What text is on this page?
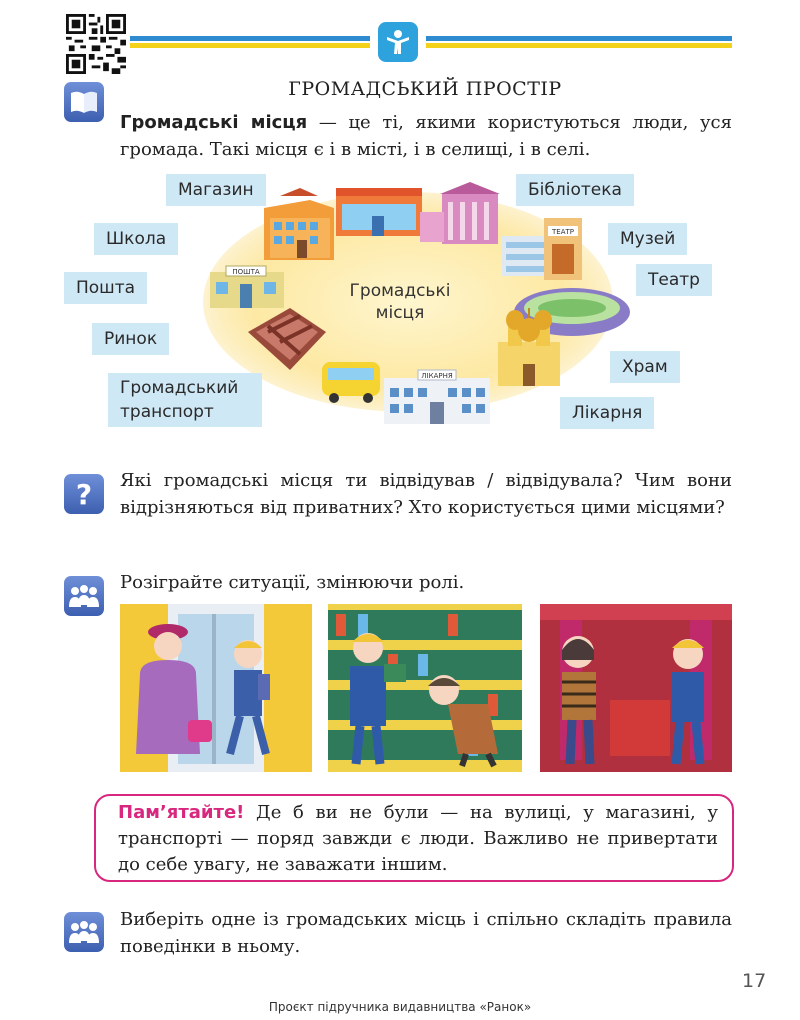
ГРОМАДСЬКИЙ ПРОСТІР
Громадські місця — це ті, якими користуються люди, уся громада. Такі місця є і в місті, і в селищі, і в селі.
ТЕАТР
ЛІКАРНЯ
ПОШТА
Громадські місця
Магазин
Школа
Пошта
Ринок
Громадський транспорт
Бібліотека
Музей
Театр
Храм
Лікарня
? Які громадські місця ти відвідував / відвідувала? Чим вони відрізняються від приватних? Хто користується цими місцями?
Розіграйте ситуації, змінюючи ролі.
Пам’ятайте! Де б ви не були — на вулиці, у магазині, у транспорті — поряд завжди є люди. Важливо не привертати до себе увагу, не заважати іншим.
Виберіть одне із громадських місць і спільно складіть правила поведінки в ньому.
17
Проєкт підручника видавництва «Ранок»
